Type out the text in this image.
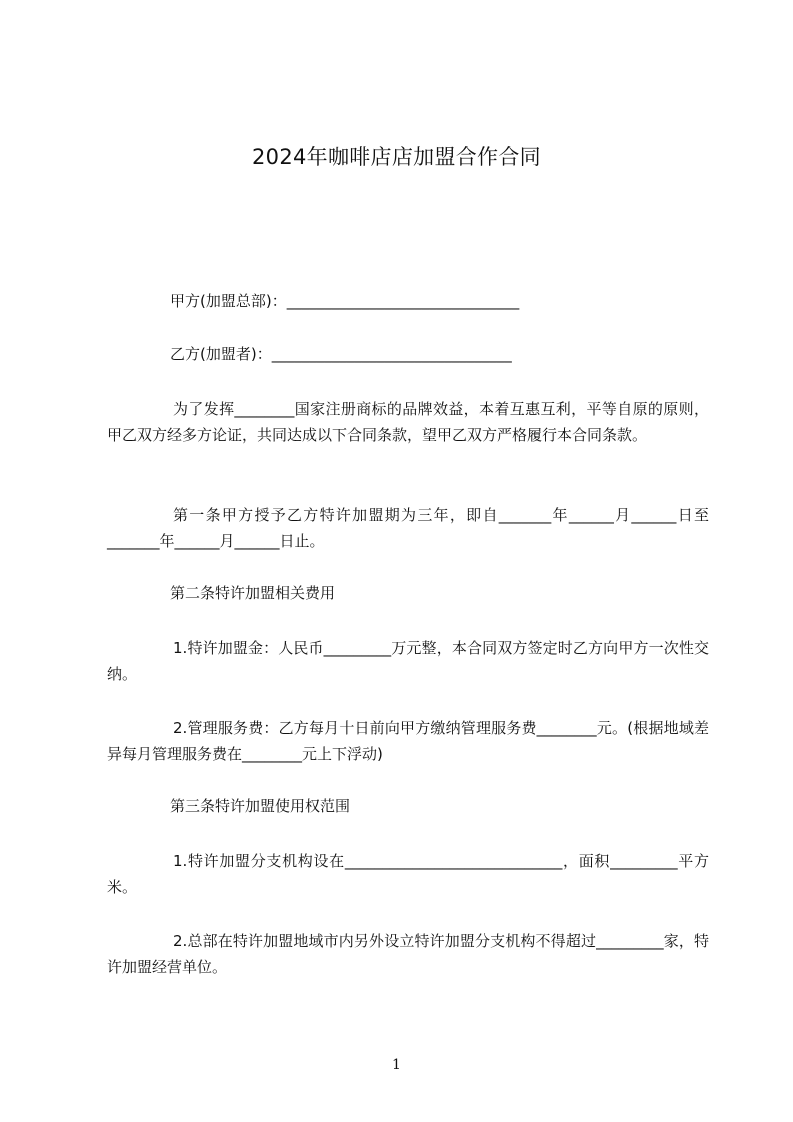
2024年咖啡店店加盟合作合同
甲方(加盟总部)：_______________________________
乙方(加盟者)：________________________________
为了发挥________国家注册商标的品牌效益，本着互惠互利，平等自原的原则，甲乙双方经多方论证，共同达成以下合同条款，望甲乙双方严格履行本合同条款。
第一条甲方授予乙方特许加盟期为三年，即自_______年______月______日至_______年______月______日止。
第二条特许加盟相关费用
1.特许加盟金：人民币_________万元整，本合同双方签定时乙方向甲方一次性交纳。
2.管理服务费：乙方每月十日前向甲方缴纳管理服务费________元。(根据地域差异每月管理服务费在________元上下浮动)
第三条特许加盟使用权范围
1.特许加盟分支机构设在_____________________________，面积_________平方米。
2.总部在特许加盟地域市内另外设立特许加盟分支机构不得超过_________家，特许加盟经营单位。
1
